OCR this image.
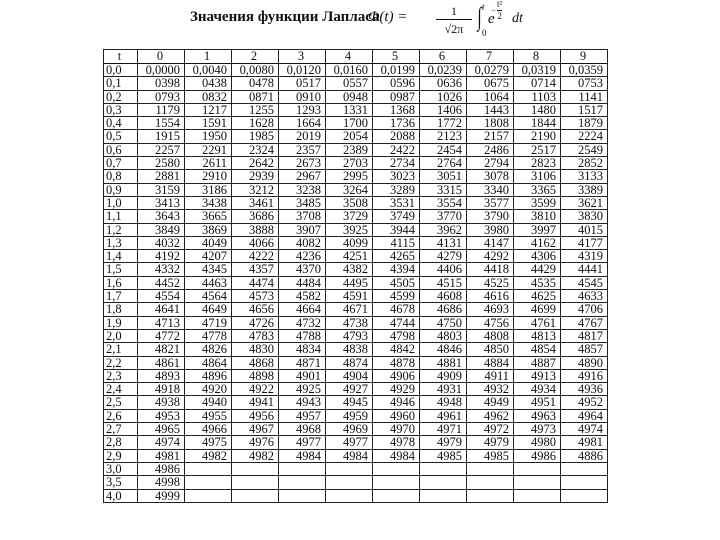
Значения функции Лапласа
Φ(t) =	1
√2π ∫ t
0
e
−
t²
2 dt
t	0	1	2	3	4	5	6	7	8	9
0,0	0,0000	0,0040	0,0080	0,0120	0,0160	0,0199	0,0239	0,0279	0,0319	0,0359
0,1	0398	0438	0478	0517	0557	0596	0636	0675	0714	0753
0,2	0793	0832	0871	0910	0948	0987	1026	1064	1103	1141
0,3	1179	1217	1255	1293	1331	1368	1406	1443	1480	1517
0,4	1554	1591	1628	1664	1700	1736	1772	1808	1844	1879
0,5	1915	1950	1985	2019	2054	2088	2123	2157	2190	2224
0,6	2257	2291	2324	2357	2389	2422	2454	2486	2517	2549
0,7	2580	2611	2642	2673	2703	2734	2764	2794	2823	2852
0,8	2881	2910	2939	2967	2995	3023	3051	3078	3106	3133
0,9	3159	3186	3212	3238	3264	3289	3315	3340	3365	3389
1,0	3413	3438	3461	3485	3508	3531	3554	3577	3599	3621
1,1	3643	3665	3686	3708	3729	3749	3770	3790	3810	3830
1,2	3849	3869	3888	3907	3925	3944	3962	3980	3997	4015
1,3	4032	4049	4066	4082	4099	4115	4131	4147	4162	4177
1,4	4192	4207	4222	4236	4251	4265	4279	4292	4306	4319
1,5	4332	4345	4357	4370	4382	4394	4406	4418	4429	4441
1,6	4452	4463	4474	4484	4495	4505	4515	4525	4535	4545
1,7	4554	4564	4573	4582	4591	4599	4608	4616	4625	4633
1,8	4641	4649	4656	4664	4671	4678	4686	4693	4699	4706
1,9	4713	4719	4726	4732	4738	4744	4750	4756	4761	4767
2,0	4772	4778	4783	4788	4793	4798	4803	4808	4813	4817
2,1	4821	4826	4830	4834	4838	4842	4846	4850	4854	4857
2,2	4861	4864	4868	4871	4874	4878	4881	4884	4887	4890
2,3	4893	4896	4898	4901	4904	4906	4909	4911	4913	4916
2,4	4918	4920	4922	4925	4927	4929	4931	4932	4934	4936
2,5	4938	4940	4941	4943	4945	4946	4948	4949	4951	4952
2,6	4953	4955	4956	4957	4959	4960	4961	4962	4963	4964
2,7	4965	4966	4967	4968	4969	4970	4971	4972	4973	4974
2,8	4974	4975	4976	4977	4977	4978	4979	4979	4980	4981
2,9	4981	4982	4982	4984	4984	4984	4985	4985	4986	4886
3,0	4986									
3,5	4998									
4,0	4999									
